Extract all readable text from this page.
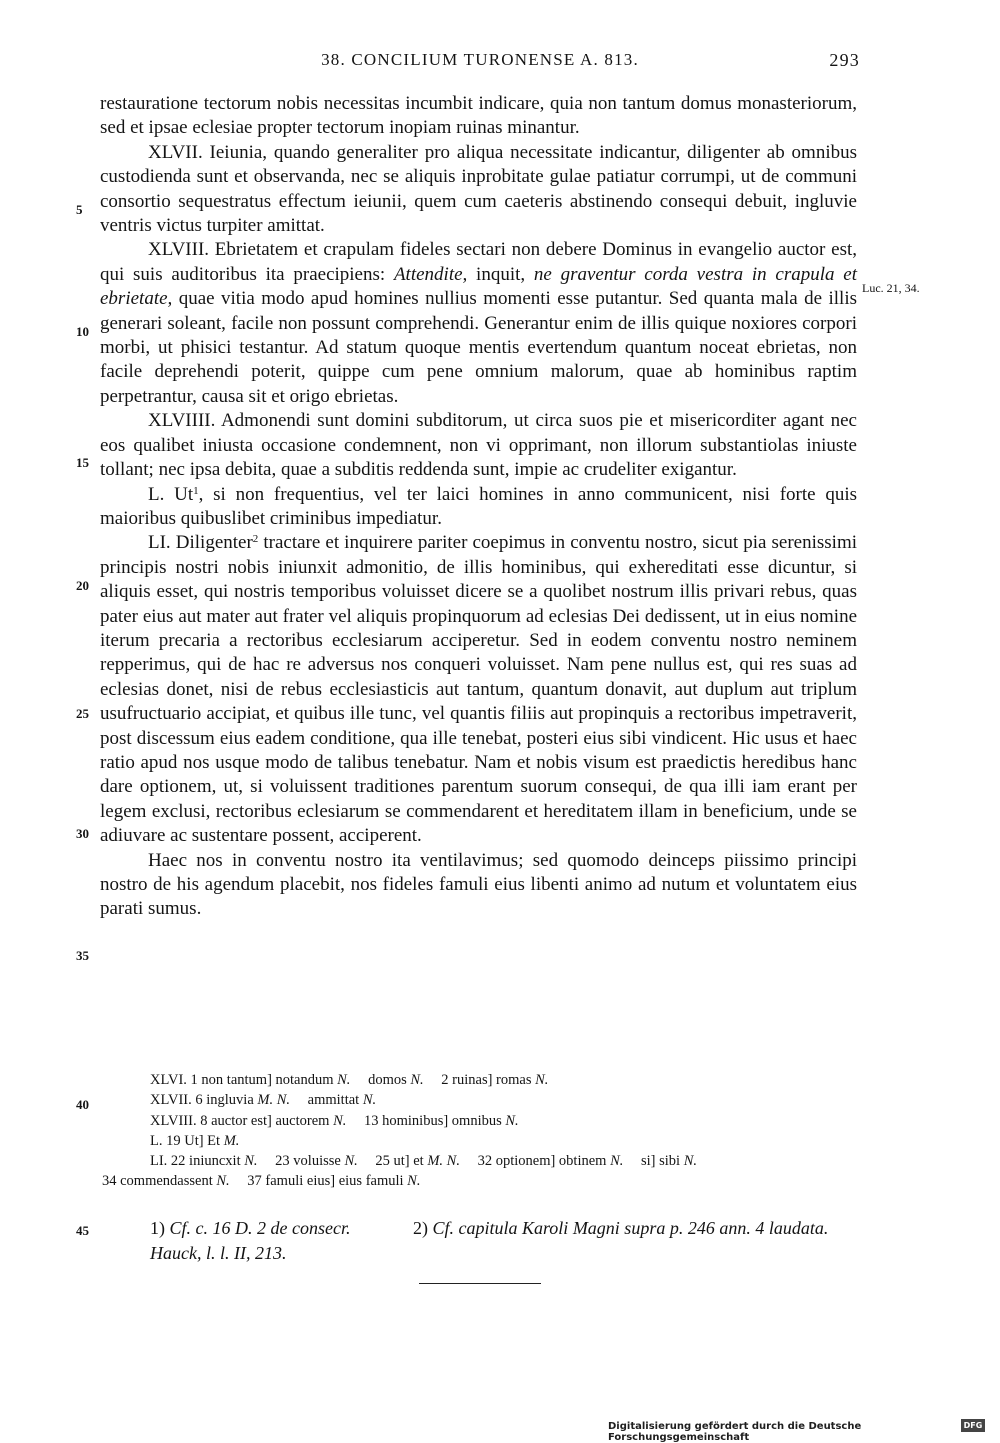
38. CONCILIUM TURONENSE A. 813.	293

restauratione tectorum nobis necessitas incumbit indicare, quia non tantum domus monasteriorum, sed et ipsae eclesiae propter tectorum inopiam ruinas minantur.

XLVII. Ieiunia, quando generaliter pro aliqua necessitate indicantur, diligenter ab omnibus custodienda sunt et observanda, nec se aliquis inprobitate gulae patiatur corrumpi, ut de communi consortio sequestratus effectum ieiunii, quem cum caeteris abstinendo consequi debuit, ingluvie ventris victus turpiter amittat.

XLVIII. Ebrietatem et crapulam fideles sectari non debere Dominus in evangelio auctor est, qui suis auditoribus ita praecipiens: Attendite, inquit, ne graventur corda vestra in crapula et ebrietate, quae vitia modo apud homines nullius momenti esse putantur. Sed quanta mala de illis generari soleant, facile non possunt comprehendi. Generantur enim de illis quique noxiores corpori morbi, ut phisici testantur. Ad statum quoque mentis evertendum quantum noceat ebrietas, non facile deprehendi poterit, quippe cum pene omnium malorum, quae ab hominibus raptim perpetrantur, causa sit et origo ebrietas.

XLVIIII. Admonendi sunt domini subditorum, ut circa suos pie et misericorditer agant nec eos qualibet iniusta occasione condemnent, non vi opprimant, non illorum substantiolas iniuste tollant; nec ipsa debita, quae a subditis reddenda sunt, impie ac crudeliter exigantur.

L. Ut$^1$, si non frequentius, vel ter laici homines in anno communicent, nisi forte quis maioribus quibuslibet criminibus impediatur.

LI. Diligenter$^2$ tractare et inquirere pariter coepimus in conventu nostro, sicut pia serenissimi principis nostri nobis iniunxit admonitio, de illis hominibus, qui exhereditati esse dicuntur, si aliquis esset, qui nostris temporibus voluisset dicere se a quolibet nostrum illis privari rebus, quas pater eius aut mater aut frater vel aliquis propinquorum ad eclesias Dei dedissent, ut in eius nomine iterum precaria a rectoribus ecclesiarum acciperetur. Sed in eodem conventu nostro neminem repperimus, qui de hac re adversus nos conqueri voluisset. Nam pene nullus est, qui res suas ad eclesias donet, nisi de rebus ecclesiasticis aut tantum, quantum donavit, aut duplum aut triplum usufructuario accipiat, et quibus ille tunc, vel quantis filiis aut propinquis a rectoribus impetraverit, post discessum eius eadem conditione, qua ille tenebat, posteri eius sibi vindicent. Hic usus et haec ratio apud nos usque modo de talibus tenebatur. Nam et nobis visum est praedictis heredibus hanc dare optionem, ut, si voluissent traditiones parentum suorum consequi, de qua illi iam erant per legem exclusi, rectoribus eclesiarum se commendarent et hereditatem illam in beneficium, unde se adiuvare ac sustentare possent, acciperent.

Haec nos in conventu nostro ita ventilavimus; sed quomodo deinceps piissimo principi nostro de his agendum placebit, nos fideles famuli eius libenti animo ad nutum et voluntatem eius parati sumus.

5
10
15
20
25
30
35
40
45
Luc. 21, 34.
XLVI. 1 non tantum] notandum N. domos N. 2 ruinas] romas N.
XLVII. 6 ingluvia M. N. ammittat N.
XLVIII. 8 auctor est] auctorem N. 13 hominibus] omnibus N.
L. 19 Ut] Et M.
LI. 22 iniuncxit N. 23 voluisse N. 25 ut] et M. N. 32 optionem] obtinem N. si] sibi N.
34 commendassent N. 37 famuli eius] eius famuli N.
1) Cf. c. 16 D. 2 de consecr.	2) Cf. capitula Karoli Magni supra p. 246 ann. 4 laudata. Hauck, l. l. II, 213.
Digitalisierung gefördert durch die Deutsche Forschungsgemeinschaft
DFG
